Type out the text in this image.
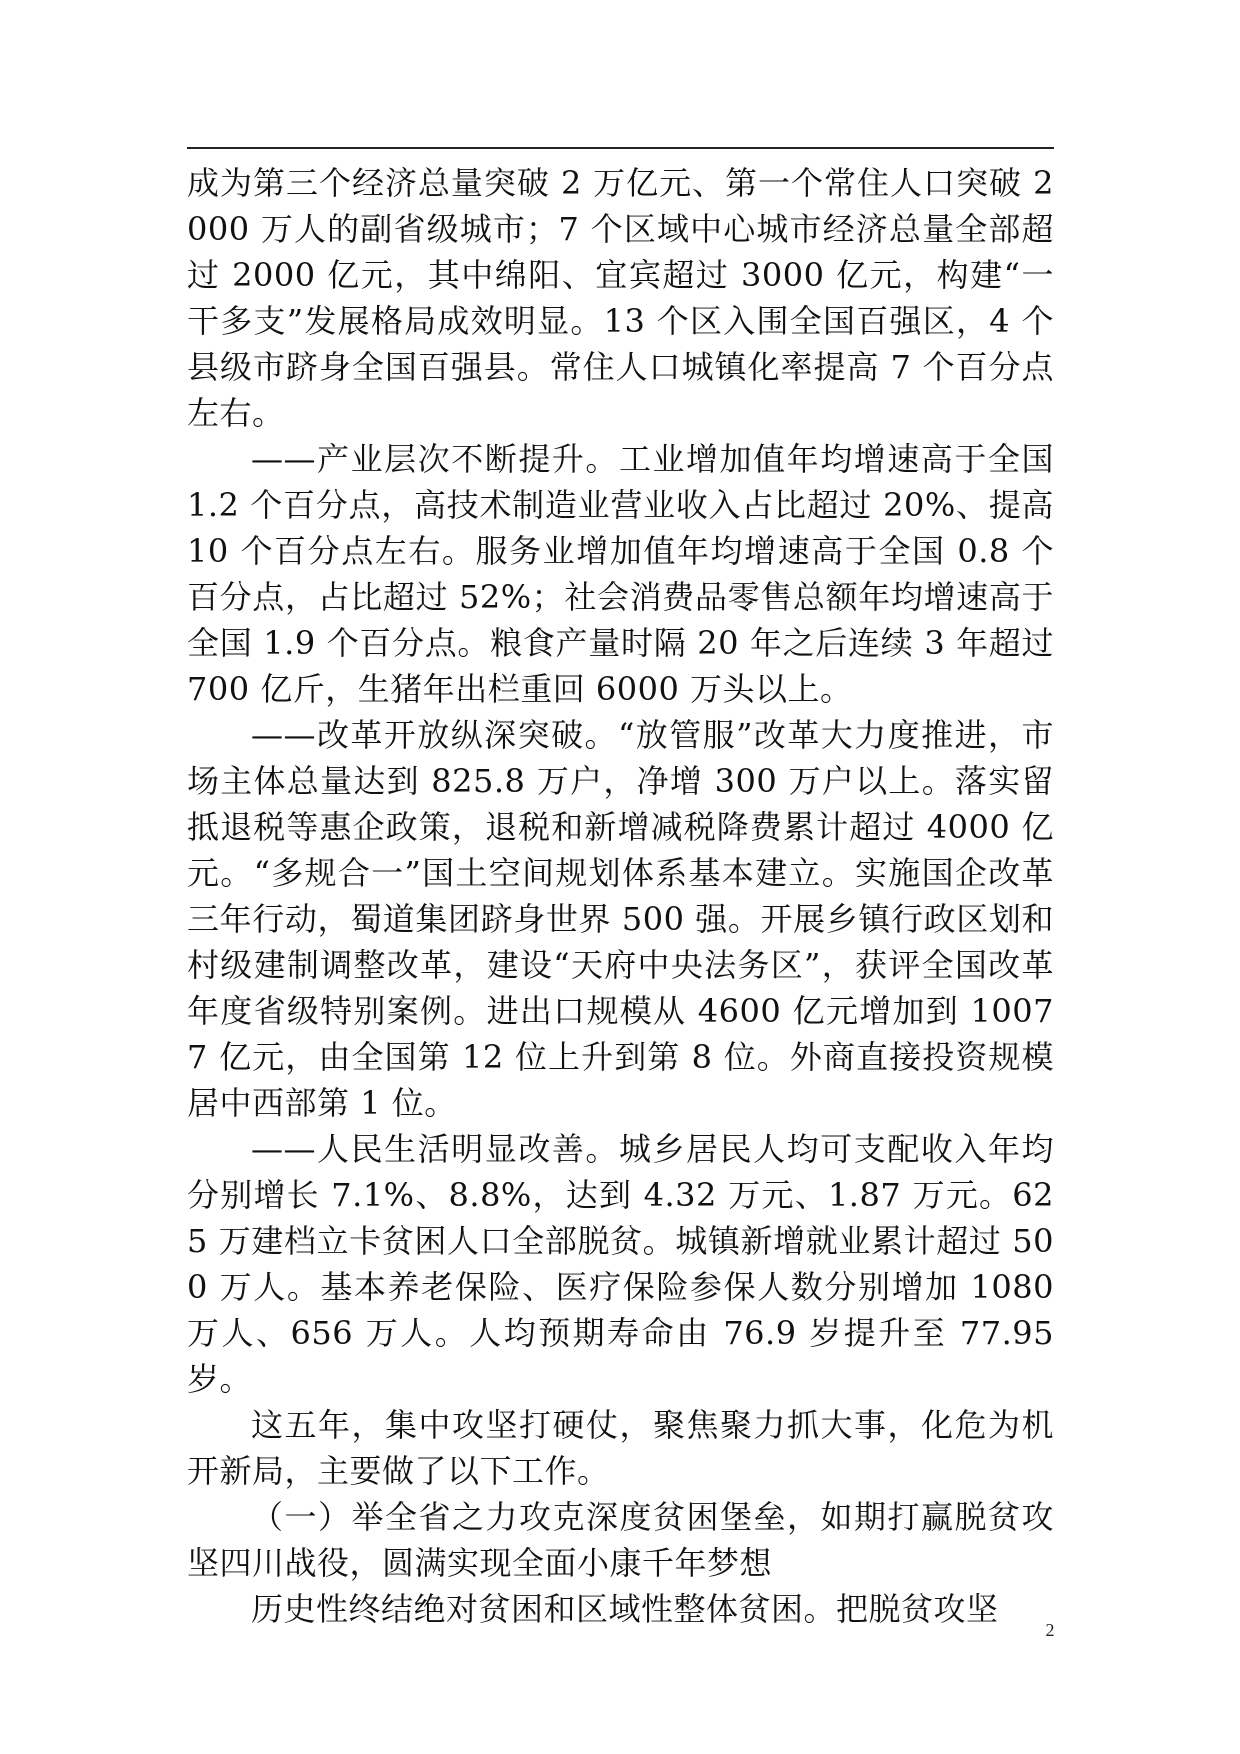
成为第三个经济总量突破 2 万亿元、第一个常住人口突破 2000 万人的副省级城市；7 个区域中心城市经济总量全部超过 2000 亿元，其中绵阳、宜宾超过 3000 亿元，构建“一干多支”发展格局成效明显。13 个区入围全国百强区，4 个县级市跻身全国百强县。常住人口城镇化率提高 7 个百分点左右。

——产业层次不断提升。工业增加值年均增速高于全国 1.2 个百分点，高技术制造业营业收入占比超过 20%、提高 10 个百分点左右。服务业增加值年均增速高于全国 0.8 个百分点，占比超过 52%；社会消费品零售总额年均增速高于全国 1.9 个百分点。粮食产量时隔 20 年之后连续 3 年超过 700 亿斤，生猪年出栏重回 6000 万头以上。

——改革开放纵深突破。“放管服”改革大力度推进，市场主体总量达到 825.8 万户，净增 300 万户以上。落实留抵退税等惠企政策，退税和新增减税降费累计超过 4000 亿元。“多规合一”国土空间规划体系基本建立。实施国企改革三年行动，蜀道集团跻身世界 500 强。开展乡镇行政区划和村级建制调整改革，建设“天府中央法务区”，获评全国改革年度省级特别案例。进出口规模从 4600 亿元增加到 10077 亿元，由全国第 12 位上升到第 8 位。外商直接投资规模居中西部第 1 位。

——人民生活明显改善。城乡居民人均可支配收入年均分别增长 7.1%、8.8%，达到 4.32 万元、1.87 万元。625 万建档立卡贫困人口全部脱贫。城镇新增就业累计超过 500 万人。基本养老保险、医疗保险参保人数分别增加 1080 万人、656 万人。人均预期寿命由 76.9 岁提升至 77.95 岁。

这五年，集中攻坚打硬仗，聚焦聚力抓大事，化危为机开新局，主要做了以下工作。

（一）举全省之力攻克深度贫困堡垒，如期打赢脱贫攻坚四川战役，圆满实现全面小康千年梦想

历史性终结绝对贫困和区域性整体贫困。把脱贫攻坚

2
